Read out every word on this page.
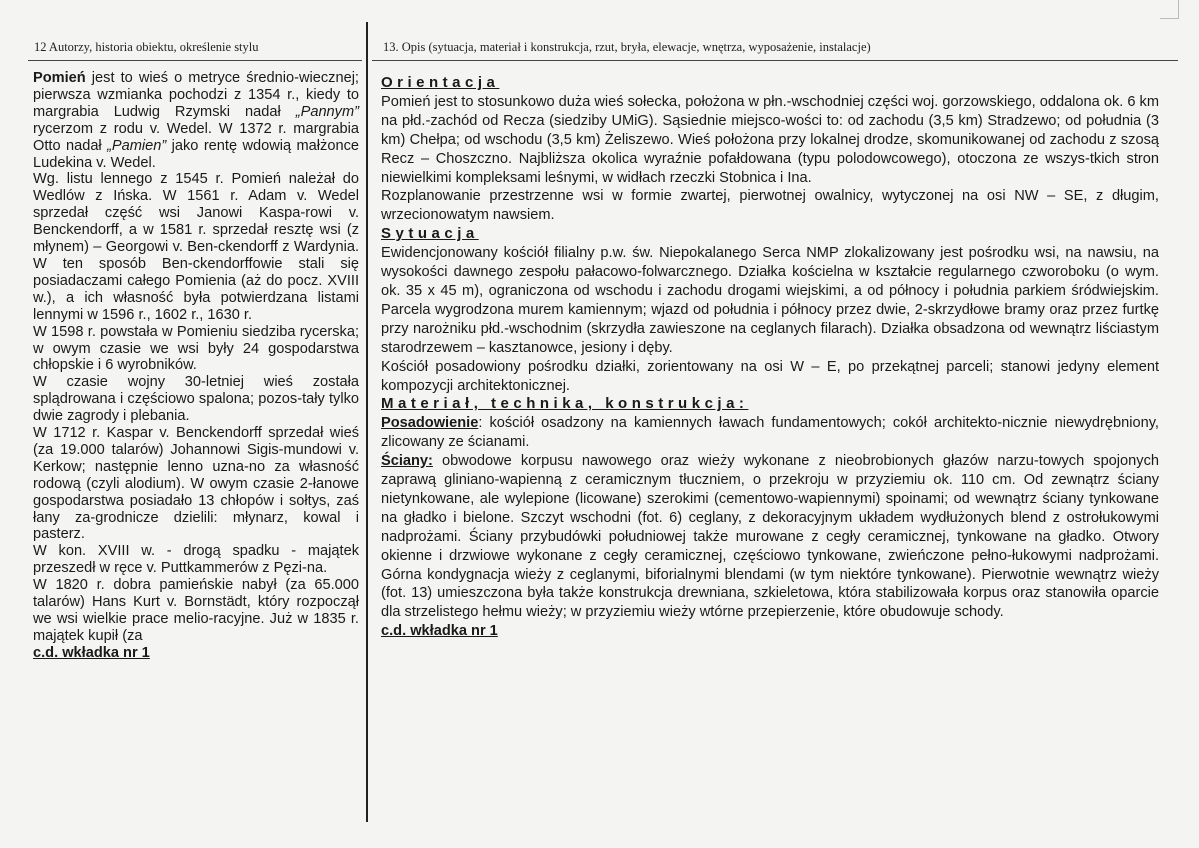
12 Autorzy, historia obiektu, określenie stylu	13. Opis (sytuacja, materiał i konstrukcja, rzut, bryła, elewacje, wnętrza, wyposażenie, instalacje)

Pomień jest to wieś o metryce średnio-wiecznej; pierwsza wzmianka pochodzi z 1354 r., kiedy to margrabia Ludwig Rzymski nadał „Pannym” rycerzom z rodu v. Wedel. W 1372 r. margrabia Otto nadał „Pamien” jako rentę wdowią małżonce Ludekina v. Wedel.

Wg. listu lennego z 1545 r. Pomień należał do Wedlów z Ińska. W 1561 r. Adam v. Wedel sprzedał część wsi Janowi Kaspa-rowi v. Benckendorff, a w 1581 r. sprzedał resztę wsi (z młynem) – Georgowi v. Ben-ckendorff z Wardynia. W ten sposób Ben-ckendorffowie stali się posiadaczami całego Pomienia (aż do pocz. XVIII w.), a ich własność była potwierdzana listami lennymi w 1596 r., 1602 r., 1630 r.

W 1598 r. powstała w Pomieniu siedziba rycerska; w owym czasie we wsi były 24 gospodarstwa chłopskie i 6 wyrobników.

W czasie wojny 30-letniej wieś została splądrowana i częściowo spalona; pozos-tały tylko dwie zagrody i plebania.

W 1712 r. Kaspar v. Benckendorff sprzedał wieś (za 19.000 talarów) Johannowi Sigis-mundowi v. Kerkow; następnie lenno uzna-no za własność rodową (czyli alodium). W owym czasie 2-łanowe gospodarstwa posiadało 13 chłopów i sołtys, zaś łany za-grodnicze dzielili: młynarz, kowal i pasterz.

W kon. XVIII w. - drogą spadku - majątek przeszedł w ręce v. Puttkammerów z Pęzi-na.

W 1820 r. dobra pamieńskie nabył (za 65.000 talarów) Hans Kurt v. Bornstädt, który rozpoczął we wsi wielkie prace melio-racyjne. Już w 1835 r. majątek kupił (za

c.d. wkładka nr 1

Orientacja

Pomień jest to stosunkowo duża wieś sołecka, położona w płn.-wschodniej części woj. gorzowskiego, oddalona ok. 6 km na płd.-zachód od Recza (siedziby UMiG). Sąsiednie miejsco-wości to: od zachodu (3,5 km) Stradzewo; od południa (3 km) Chełpa; od wschodu (3,5 km) Żeliszewo. Wieś położona przy lokalnej drodze, skomunikowanej od zachodu z szosą Recz – Choszczno. Najbliższa okolica wyraźnie pofałdowana (typu polodowcowego), otoczona ze wszys-tkich stron niewielkimi kompleksami leśnymi, w widłach rzeczki Stobnica i Ina.

Rozplanowanie przestrzenne wsi w formie zwartej, pierwotnej owalnicy, wytyczonej na osi NW – SE, z długim, wrzecionowatym nawsiem.

Sytuacja

Ewidencjonowany kościół filialny p.w. św. Niepokalanego Serca NMP zlokalizowany jest pośrodku wsi, na nawsiu, na wysokości dawnego zespołu pałacowo-folwarcznego. Działka kościelna w kształcie regularnego czworoboku (o wym. ok. 35 x 45 m), ograniczona od wschodu i zachodu drogami wiejskimi, a od północy i południa parkiem śródwiejskim. Parcela wygrodzona murem kamiennym; wjazd od południa i północy przez dwie, 2-skrzydłowe bramy oraz przez furtkę przy narożniku płd.-wschodnim (skrzydła zawieszone na ceglanych filarach). Działka obsadzona od wewnątrz liściastym starodrzewem – kasztanowce, jesiony i dęby.

Kościół posadowiony pośrodku działki, zorientowany na osi W – E, po przekątnej parceli; stanowi jedyny element kompozycji architektonicznej.

Materiał, technika, konstrukcja:

Posadowienie: kościół osadzony na kamiennych ławach fundamentowych; cokół architekto-nicznie niewydrębniony, zlicowany ze ścianami.

Ściany: obwodowe korpusu nawowego oraz wieży wykonane z nieobrobionych głazów narzu-towych spojonych zaprawą gliniano-wapienną z ceramicznym tłuczniem, o przekroju w przyziemiu ok. 110 cm. Od zewnątrz ściany nietynkowane, ale wylepione (licowane) szerokimi (cementowo-wapiennymi) spoinami; od wewnątrz ściany tynkowane na gładko i bielone. Szczyt wschodni (fot. 6) ceglany, z dekoracyjnym układem wydłużonych blend z ostrołukowymi nadprożami. Ściany przybudówki południowej także murowane z cegły ceramicznej, tynkowane na gładko. Otwory okienne i drzwiowe wykonane z cegły ceramicznej, częściowo tynkowane, zwieńczone pełno-łukowymi nadprożami. Górna kondygnacja wieży z ceglanymi, biforialnymi blendami (w tym niektóre tynkowane). Pierwotnie wewnątrz wieży (fot. 13) umieszczona była także konstrukcja drewniana, szkieletowa, która stabilizowała korpus oraz stanowiła oparcie dla strzelistego hełmu wieży; w przyziemiu wieży wtórne przepierzenie, które obudowuje schody.

c.d. wkładka nr 1
